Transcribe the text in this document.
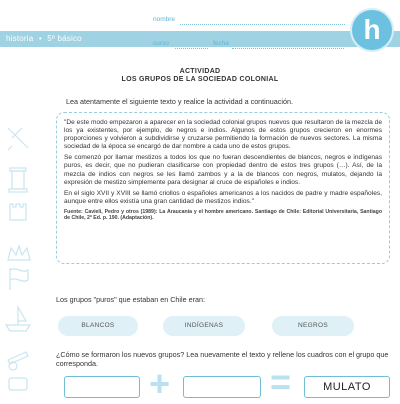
historia • 5º básico
nombre
curso	fecha	h
ACTIVIDAD
LOS GRUPOS DE LA SOCIEDAD COLONIAL
Lea atentamente el siguiente texto y realice la actividad a continuación.

"De este modo empezaron a aparecer en la sociedad colonial grupos nuevos que resultaron de la mezcla de los ya existentes, por ejemplo, de negros e indios. Algunos de estos grupos crecieron en enormes proporciones y volvieron a subdividirse y cruzarse permitiendo la formación de nuevos sectores. La misma sociedad de la época se encargó de dar nombre a cada uno de estos grupos.

Se comenzó por llamar mestizos a todos los que no fueran descendientes de blancos, negros e indígenas puros, es decir, que no pudieran clasificarse con propiedad dentro de estos tres grupos (…). Así, de la mezcla de indios con negros se les llamó zambos y a la de blancos con negros, mulatos, dejando la expresión de mestizo simplemente para designar al cruce de españoles e indios.

En el siglo XVII y XVIII se llamó criollos o españoles americanos a los nacidos de padre y madre españoles, aunque entre ellos existía una gran cantidad de mestizos indios."

Fuente: Cavieli, Pedro y otros (1989): La Araucanía y el hombre americano. Santiago de Chile: Editorial Universitaria, Santiago de Chile, 2ª Ed. p. 190. (Adaptación).

Los grupos "puros" que estaban en Chile eran:
BLANCOS	INDÍGENAS	NEGROS
¿Cómo se formaron los nuevos grupos? Lea nuevamente el texto y rellene los cuadros con el grupo que corresponda.	+	=	MULATO
